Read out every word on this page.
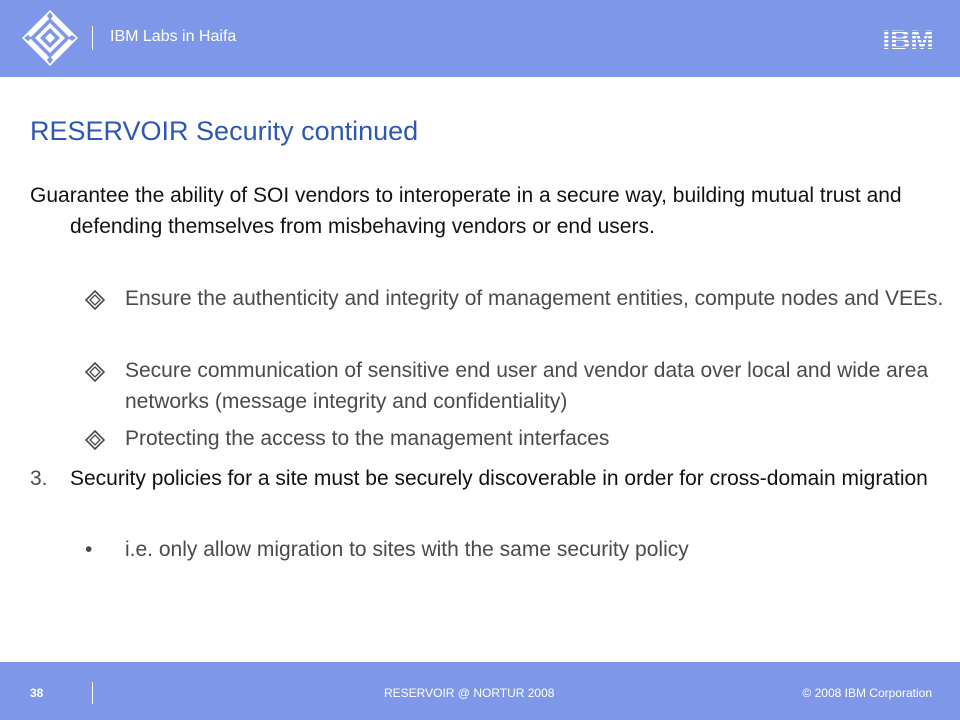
IBM Labs in Haifa	IBM
RESERVOIR Security continued

Guarantee the ability of SOI vendors to interoperate in a secure way, building mutual trust and defending themselves from misbehaving vendors or end users.

Ensure the authenticity and integrity of management entities, compute nodes and VEEs.
Secure communication of sensitive end user and vendor data over local and wide area networks (message integrity and confidentiality)
Protecting the access to the management interfaces
3.	Security policies for a site must be securely discoverable in order for cross-domain migration
•	i.e. only allow migration to sites with the same security policy
38	RESERVOIR @ NORTUR 2008	© 2008 IBM Corporation
